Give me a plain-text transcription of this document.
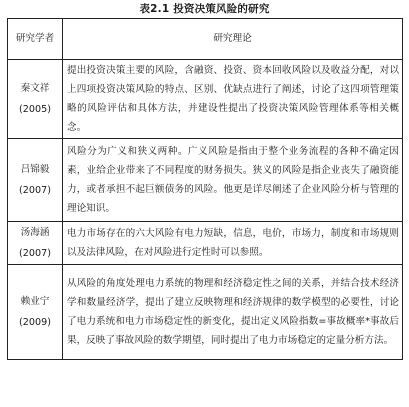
表2.1 投资决策风险的研究
研究学者	研究理论

秦文祥
(2005)	提出投资决策主要的风险，含融资、投资、资本回收风险以及收益分配，对以上四项投资决策风险的特点、区别、优缺点进行了阐述，讨论了这四项管理策略的风险评估和具体方法，并建设性提出了投资决策风险管理体系等相关概念。

吕锦毅
(2007)	风险分为广义和狭义两种。广义风险是指由于整个业务流程的各种不确定因素，业给企业带来了不同程度的财务损失。狭义的风险是指企业丧失了融资能力，或者承担不起巨额债务的风险。他更是详尽阐述了企业风险分析与管理的理论知识。

汤海涵
(2007)	电力市场存在的六大风险有电力短缺，信息，电价，市场力，制度和市场规则以及法律风险，在对风险进行定性时可以参照。

赖业宁
(2009)	从风险的角度处理电力系统的物理和经济稳定性之间的关系，并结合技术经济学和数量经济学，提出了建立反映物理和经济规律的数学模型的必要性，讨论了电力系统和电力市场稳定性的新变化，提出定义风险指数=事故概率*事故后果，反映了事故风险的数学期望，同时提出了电力市场稳定的定量分析方法。
